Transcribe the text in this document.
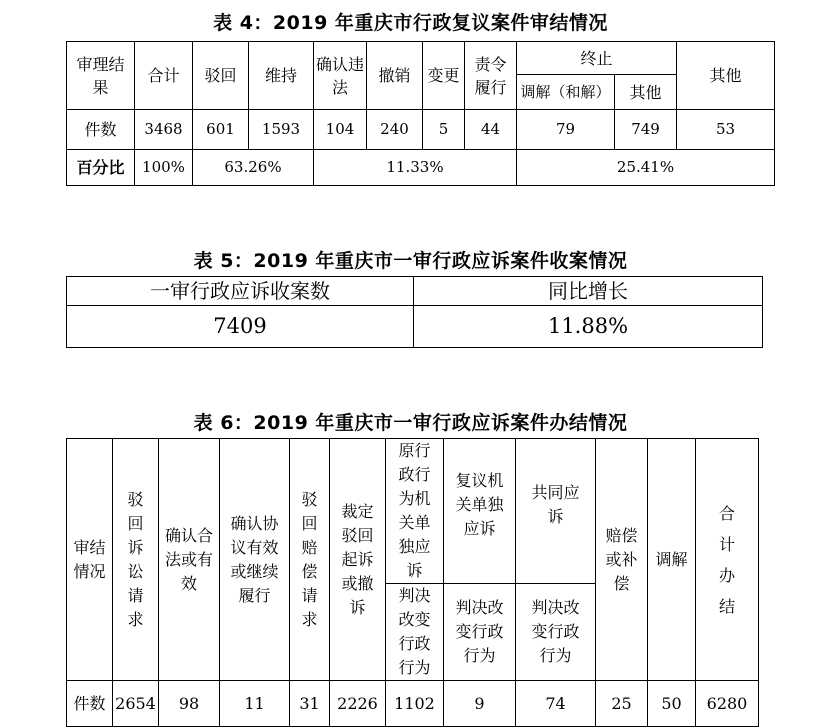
表 4：2019 年重庆市行政复议案件审结情况
审理结果	合计	驳回	维持	确认违法	撤销	变更	责令履行	终止		其他
								调解（和解）	其他	
件数	3468	601	1593	104	240	5	44	79	749	53
百分比	100%	63.26%		11.33%				25.41%		
表 5：2019 年重庆市一审行政应诉案件收案情况
一审行政应诉收案数	同比增长
7409	11.88%
表 6：2019 年重庆市一审行政应诉案件办结情况
审结情况	驳回诉讼请求	确认合法或有效	确认协议有效或继续履行	驳回赔偿请求	裁定驳回起诉或撤诉	原行政行为机关单独应诉	复议机关单独应诉	共同应诉	赔偿或补偿	调解	合计办结
						判决改变行政行为	判决改变行政行为	判决改变行政行为			
件数	2654	98	11	31	2226	1102	9	74	25	50	6280
